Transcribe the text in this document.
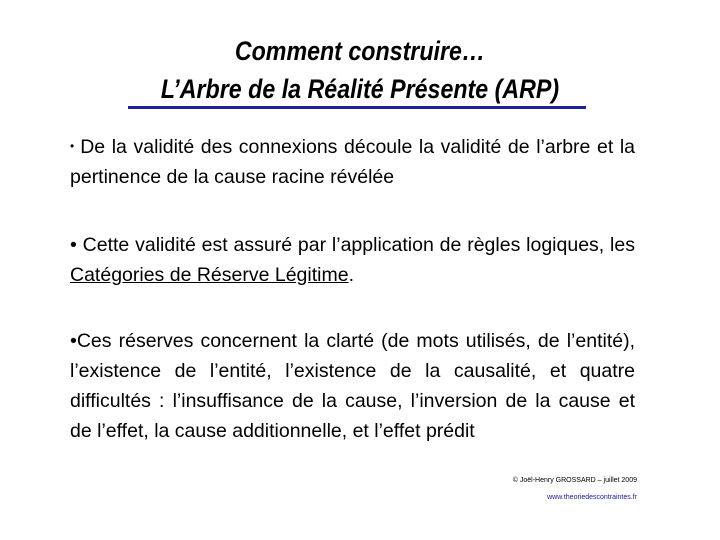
Comment construire…
L’Arbre de la Réalité Présente (ARP)
• De la validité des connexions découle la validité de l’arbre et la pertinence de la cause racine révélée
• Cette validité est assuré par l’application de règles logiques, les Catégories de Réserve Légitime.
•Ces réserves concernent la clarté (de mots utilisés, de l’entité), l’existence de l’entité, l’existence de la causalité, et quatre difficultés : l’insuffisance de la cause, l’inversion de la cause et de l’effet, la cause additionnelle, et l’effet prédit
© Joël-Henry GROSSARD – juillet 2009
www.theoriedescontraintes.fr
